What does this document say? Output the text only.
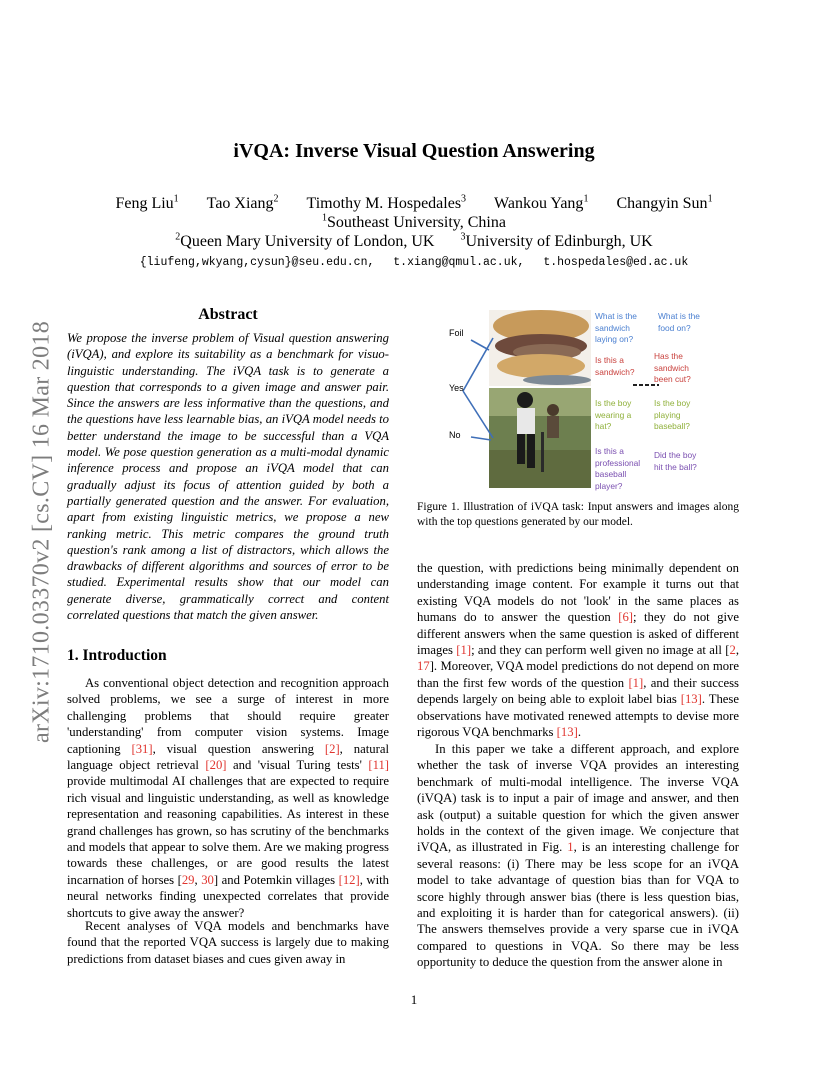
arXiv:1710.03370v2 [cs.CV] 16 Mar 2018
iVQA: Inverse Visual Question Answering
Feng Liu$^1$ Tao Xiang$^2$ Timothy M. Hospedales$^3$ Wankou Yang$^1$ Changyin Sun$^1$
$^1$Southeast University, China
$^2$Queen Mary University of London, UK	$^3$University of Edinburgh, UK
{liufeng,wkyang,cysun}@seu.edu.cn, t.xiang@qmul.ac.uk, t.hospedales@ed.ac.uk
Abstract
We propose the inverse problem of Visual question answering (iVQA), and explore its suitability as a benchmark for visuo-linguistic understanding. The iVQA task is to generate a question that corresponds to a given image and answer pair. Since the answers are less informative than the questions, and the questions have less learnable bias, an iVQA model needs to better understand the image to be successful than a VQA model. We pose question generation as a multi-modal dynamic inference process and propose an iVQA model that can gradually adjust its focus of attention guided by both a partially generated question and the answer. For evaluation, apart from existing linguistic metrics, we propose a new ranking metric. This metric compares the ground truth question's rank among a list of distractors, which allows the drawbacks of different algorithms and sources of error to be studied. Experimental results show that our model can generate diverse, grammatically correct and content correlated questions that match the given answer.
1. Introduction

As conventional object detection and recognition approach solved problems, we see a surge of interest in more challenging problems that should require greater 'understanding' from computer vision systems. Image captioning [31], visual question answering [2], natural language object retrieval [20] and 'visual Turing tests' [11] provide multimodal AI challenges that are expected to require rich visual and linguistic understanding, as well as knowledge representation and reasoning capabilities. As interest in these grand challenges has grown, so has scrutiny of the benchmarks and models that appear to solve them. Are we making progress towards these challenges, or are good results the latest incarnation of horses [29, 30] and Potemkin villages [12], with neural networks finding unexpected correlates that provide shortcuts to give away the answer?

Recent analyses of VQA models and benchmarks have found that the reported VQA success is largely due to making predictions from dataset biases and cues given away in

Foil
Yes
No
What is the sandwich laying on?
What is the food on?
Is this a sandwich?
Has the sandwich been cut?
Is the boy wearing a hat?
Is the boy playing baseball?
Is this a professional baseball player?
Did the boy hit the ball?
Figure 1. Illustration of iVQA task: Input answers and images along with the top questions generated by our model.

the question, with predictions being minimally dependent on understanding image content. For example it turns out that existing VQA models do not 'look' in the same places as humans do to answer the question [6]; they do not give different answers when the same question is asked of different images [1]; and they can perform well given no image at all [2, 17]. Moreover, VQA model predictions do not depend on more than the first few words of the question [1], and their success depends largely on being able to exploit label bias [13]. These observations have motivated renewed attempts to devise more rigorous VQA benchmarks [13].

In this paper we take a different approach, and explore whether the task of inverse VQA provides an interesting benchmark of multi-modal intelligence. The inverse VQA (iVQA) task is to input a pair of image and answer, and then ask (output) a suitable question for which the given answer holds in the context of the given image. We conjecture that iVQA, as illustrated in Fig. 1, is an interesting challenge for several reasons: (i) There may be less scope for an iVQA model to take advantage of question bias than for VQA to score highly through answer bias (there is less question bias, and exploiting it is harder than for categorical answers). (ii) The answers themselves provide a very sparse cue in iVQA compared to questions in VQA. So there may be less opportunity to deduce the question from the answer alone in

1
